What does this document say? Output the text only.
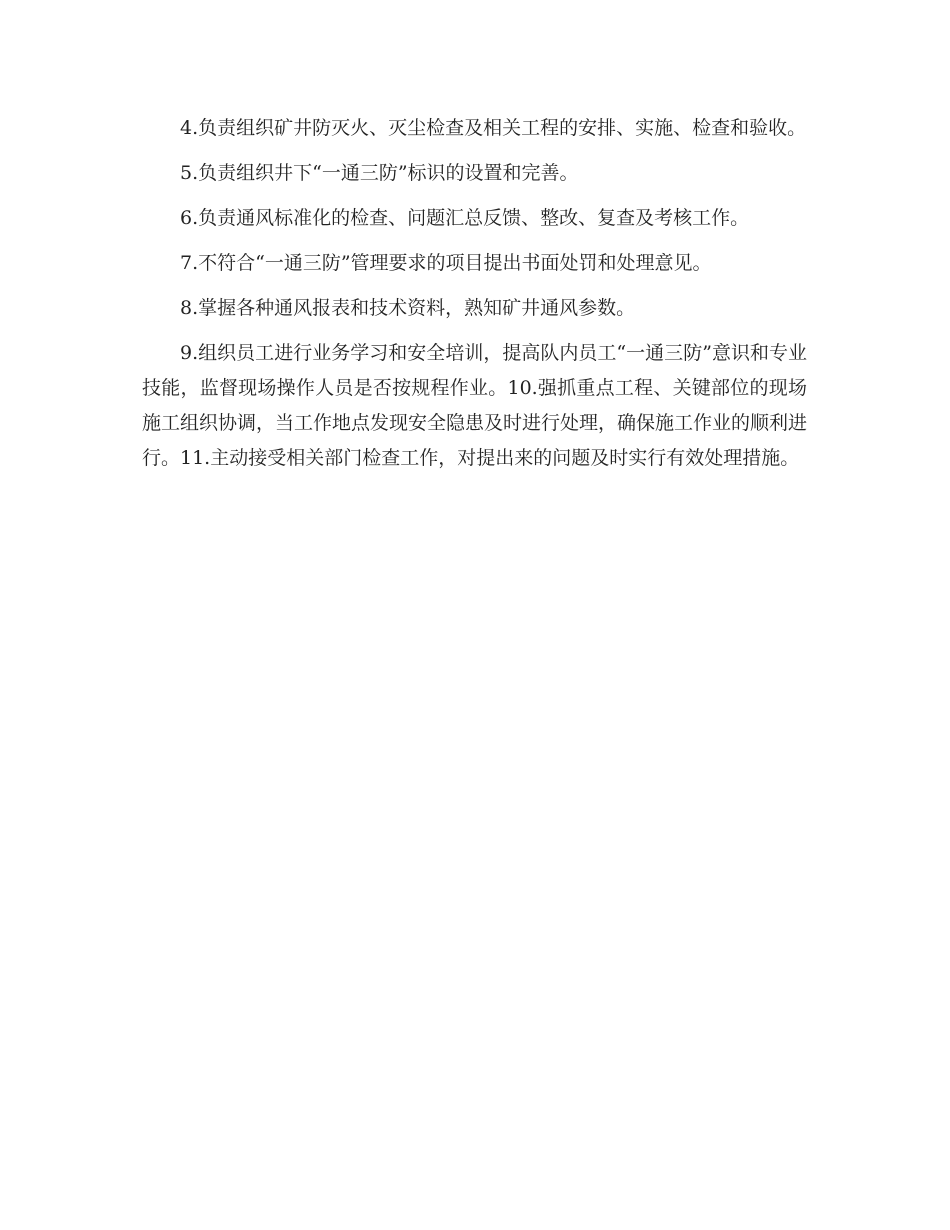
4.负责组织矿井防灭火、灭尘检查及相关工程的安排、实施、检查和验收。

5.负责组织井下“一通三防”标识的设置和完善。

6.负责通风标准化的检查、问题汇总反馈、整改、复查及考核工作。

7.不符合“一通三防”管理要求的项目提出书面处罚和处理意见。

8.掌握各种通风报表和技术资料，熟知矿井通风参数。

9.组织员工进行业务学习和安全培训，提高队内员工“一通三防”意识和专业技能，监督现场操作人员是否按规程作业。10.强抓重点工程、关键部位的现场施工组织协调，当工作地点发现安全隐患及时进行处理，确保施工作业的顺利进行。11.主动接受相关部门检查工作，对提出来的问题及时实行有效处理措施。
